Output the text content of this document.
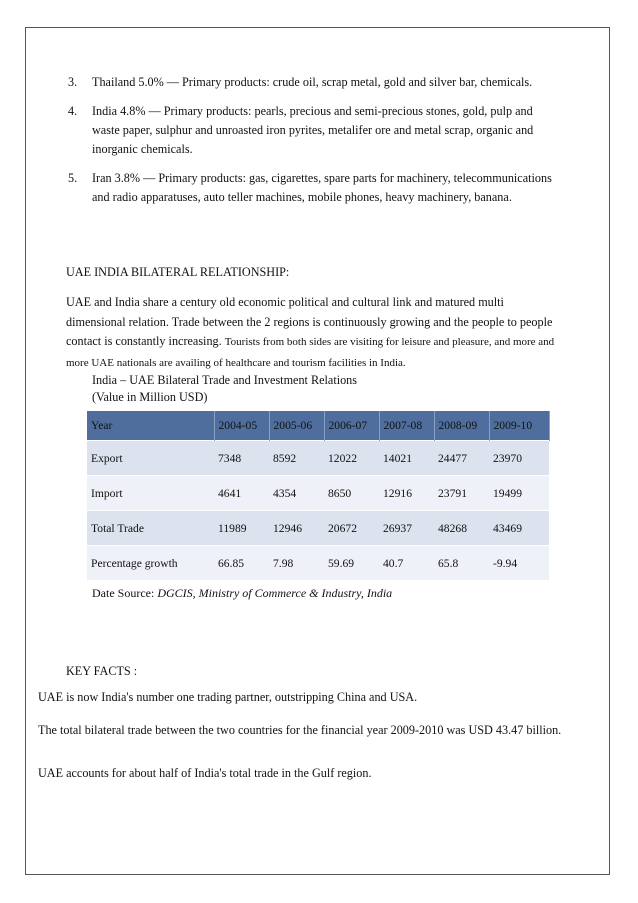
3. Thailand 5.0% — Primary products: crude oil, scrap metal, gold and silver bar, chemicals.
4. India 4.8% — Primary products: pearls, precious and semi-precious stones, gold, pulp and waste paper, sulphur and unroasted iron pyrites, metalifer ore and metal scrap, organic and inorganic chemicals.
5. Iran 3.8% — Primary products: gas, cigarettes, spare parts for machinery, telecommunications and radio apparatuses, auto teller machines, mobile phones, heavy machinery, banana.
UAE INDIA BILATERAL RELATIONSHIP:
UAE and India share a century old economic political and cultural link and matured multi dimensional relation. Trade between the 2 regions is continuously growing and the people to people contact is constantly increasing. Tourists from both sides are visiting for leisure and pleasure, and more and more UAE nationals are availing of healthcare and tourism facilities in India.
India – UAE Bilateral Trade and Investment Relations
(Value in Million USD)
Year	2004-05	2005-06	2006-07	2007-08	2008-09	2009-10
Export	7348	8592	12022	14021	24477	23970
Import	4641	4354	8650	12916	23791	19499
Total Trade	11989	12946	20672	26937	48268	43469
Percentage growth	66.85	7.98	59.69	40.7	65.8	-9.94
Date Source: DGCIS, Ministry of Commerce & Industry, India
KEY FACTS :
UAE is now India's number one trading partner, outstripping China and USA.
The total bilateral trade between the two countries for the financial year 2009-2010 was USD 43.47 billion.
UAE accounts for about half of India's total trade in the Gulf region.
